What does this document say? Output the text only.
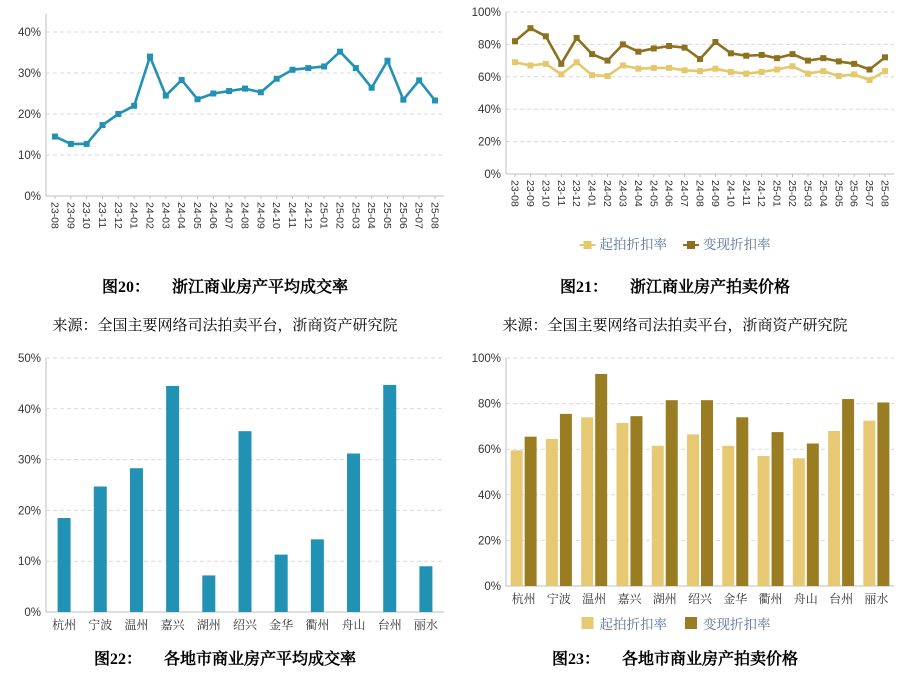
0%
10%
20%
30%
40%
23-08 23-09 23-10 23-11 23-12 24-01 24-02 24-03 24-04 24-05 24-06 24-07 24-08 24-09 24-10 24-11 24-12 25-01 25-02 25-03 25-04 25-05 25-06 25-07 25-08
0%
20%
40%
60%
80%
100%
23-08 23-09 23-10 23-11 23-12 24-01 24-02 24-03 24-04 24-05 24-06 24-07 24-08 24-09 24-10 24-11 24-12 25-01 25-02 25-03 25-04 25-05 25-06 25-07 25-08
起拍折扣率	变现折扣率
图20： 浙江商业房产平均成交率	图21： 浙江商业房产拍卖价格
来源：全国主要网络司法拍卖平台，浙商资产研究院	来源：全国主要网络司法拍卖平台，浙商资产研究院
0%
10%
20%
30%
40%
50%
杭州 宁波 温州 嘉兴 湖州 绍兴 金华 衢州 舟山 台州 丽水
0%
20%
40%
60%
80%
100%
杭州 宁波 温州 嘉兴 湖州 绍兴 金华 衢州 舟山 台州 丽水
起拍折扣率	变现折扣率
图22： 各地市商业房产平均成交率	图23： 各地市商业房产拍卖价格
